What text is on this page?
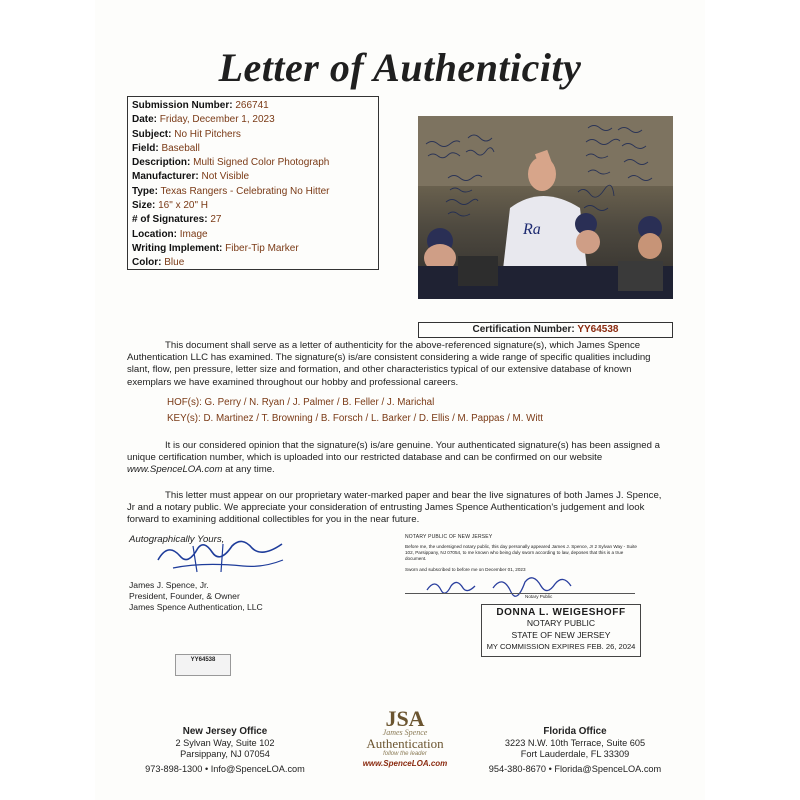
Letter of Authenticity
Submission Number: 266741
Date: Friday, December 1, 2023
Subject: No Hit Pitchers
Field: Baseball
Description: Multi Signed Color Photograph
Manufacturer: Not Visible
Type: Texas Rangers - Celebrating No Hitter
Size: 16" x 20" H
# of Signatures: 27
Location: Image
Writing Implement: Fiber-Tip Marker
Color: Blue
Ra
Certification Number: YY64538
This document shall serve as a letter of authenticity for the above-referenced signature(s), which James Spence Authentication LLC has examined. The signature(s) is/are consistent considering a wide range of specific qualities including slant, flow, pen pressure, letter size and formation, and other characteristics typical of our extensive database of known exemplars we have examined throughout our hobby and professional careers.
HOF(s): G. Perry / N. Ryan / J. Palmer / B. Feller / J. Marichal
KEY(s): D. Martinez / T. Browning / B. Forsch / L. Barker / D. Ellis / M. Pappas / M. Witt
It is our considered opinion that the signature(s) is/are genuine. Your authenticated signature(s) has been assigned a unique certification number, which is uploaded into our restricted database and can be confirmed on our website www.SpenceLOA.com at any time.
This letter must appear on our proprietary water-marked paper and bear the live signatures of both James J. Spence, Jr and a notary public. We appreciate your consideration of entrusting James Spence Authentication's judgement and look forward to examining additional collectibles for you in the near future.
Autographically Yours,
James J. Spence, Jr.
President, Founder, & Owner
James Spence Authentication, LLC
YY64538
NOTARY PUBLIC OF NEW JERSEY
Before me, the undersigned notary public, this day personally appeared James J. Spence, Jr 2 Sylvan Way - Suite 102, Parsippany, NJ 07054, to me known who being duly sworn according to law, deposes that this is a true document.
Sworn and subscribed to before me on December 01, 2023
Notary Public
DONNA L. WEIGESHOFF
NOTARY PUBLIC
STATE OF NEW JERSEY
MY COMMISSION EXPIRES FEB. 26, 2024
New Jersey Office
2 Sylvan Way, Suite 102
Parsippany, NJ 07054
973-898-1300 • Info@SpenceLOA.com
JSA
James Spence
Authentication
follow the leader
www.SpenceLOA.com
Florida Office
3223 N.W. 10th Terrace, Suite 605
Fort Lauderdale, FL 33309
954-380-8670 • Florida@SpenceLOA.com
